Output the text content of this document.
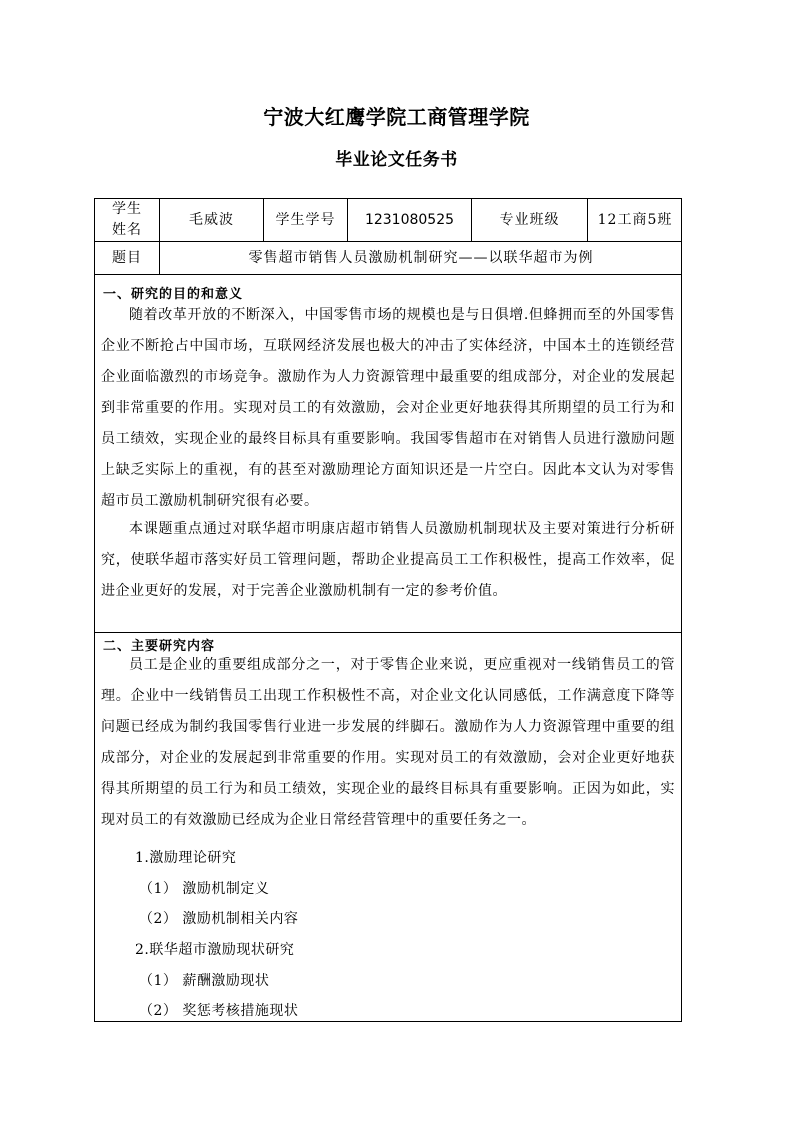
宁波大红鹰学院工商管理学院
毕业论文任务书
学生
姓名
毛威波	学生学号	1231080525	专业班级	12工商5班
题目	零售超市销售人员激励机制研究——以联华超市为例
一、研究的目的和意义

随着改革开放的不断深入，中国零售市场的规模也是与日俱增.但蜂拥而至的外国零售企业不断抢占中国市场，互联网经济发展也极大的冲击了实体经济，中国本土的连锁经营企业面临激烈的市场竞争。激励作为人力资源管理中最重要的组成部分，对企业的发展起到非常重要的作用。实现对员工的有效激励，会对企业更好地获得其所期望的员工行为和员工绩效，实现企业的最终目标具有重要影响。我国零售超市在对销售人员进行激励问题上缺乏实际上的重视，有的甚至对激励理论方面知识还是一片空白。因此本文认为对零售超市员工激励机制研究很有必要。

本课题重点通过对联华超市明康店超市销售人员激励机制现状及主要对策进行分析研究，使联华超市落实好员工管理问题，帮助企业提高员工工作积极性，提高工作效率，促进企业更好的发展，对于完善企业激励机制有一定的参考价值。

二、主要研究内容

员工是企业的重要组成部分之一，对于零售企业来说，更应重视对一线销售员工的管理。企业中一线销售员工出现工作积极性不高，对企业文化认同感低，工作满意度下降等问题已经成为制约我国零售行业进一步发展的绊脚石。激励作为人力资源管理中重要的组成部分，对企业的发展起到非常重要的作用。实现对员工的有效激励，会对企业更好地获得其所期望的员工行为和员工绩效，实现企业的最终目标具有重要影响。正因为如此，实现对员工的有效激励已经成为企业日常经营管理中的重要任务之一。

1.激励理论研究
（1） 激励机制定义
（2） 激励机制相关内容
2.联华超市激励现状研究
（1） 薪酬激励现状
（2） 奖惩考核措施现状
